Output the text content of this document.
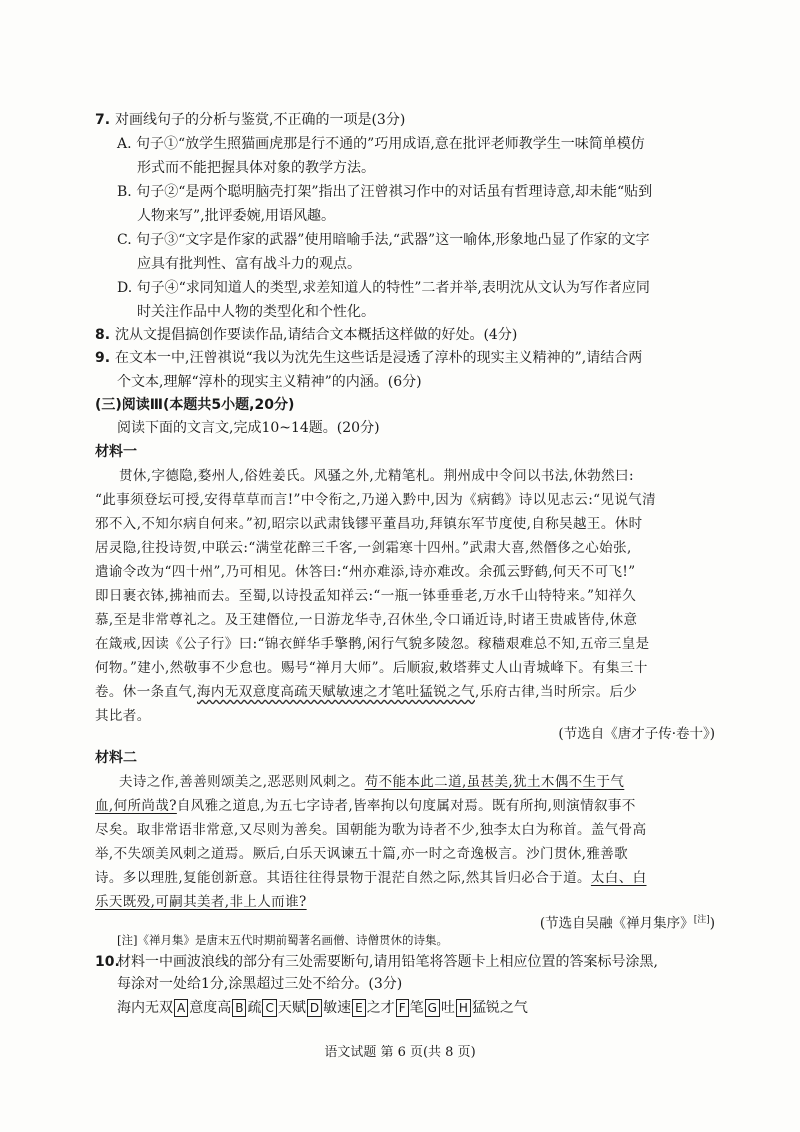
7. 对画线句子的分析与鉴赏,不正确的一项是(3分)
A. 句子①“放学生照猫画虎那是行不通的”巧用成语,意在批评老师教学生一味简单模仿
形式而不能把握具体对象的教学方法。
B. 句子②“是两个聪明脑壳打架”指出了汪曾祺习作中的对话虽有哲理诗意,却未能“贴到
人物来写”,批评委婉,用语风趣。
C. 句子③“文字是作家的武器”使用暗喻手法,“武器”这一喻体,形象地凸显了作家的文字
应具有批判性、富有战斗力的观点。
D. 句子④“求同知道人的类型,求差知道人的特性”二者并举,表明沈从文认为写作者应同
时关注作品中人物的类型化和个性化。
8. 沈从文提倡搞创作要读作品,请结合文本概括这样做的好处。(4分)
9. 在文本一中,汪曾祺说“我以为沈先生这些话是浸透了淳朴的现实主义精神的”,请结合两
个文本,理解“淳朴的现实主义精神”的内涵。(6分)
(三)阅读Ⅲ(本题共5小题,20分)
阅读下面的文言文,完成10~14题。(20分)
材料一
贯休,字德隐,婺州人,俗姓姜氏。风骚之外,尤精笔札。荆州成中令问以书法,休勃然曰:
“此事须登坛可授,安得草草而言!”中令衔之,乃递入黔中,因为《病鹤》诗以见志云:“见说气清
邪不入,不知尔病自何来。”初,昭宗以武肃钱镠平董昌功,拜镇东军节度使,自称吴越王。休时
居灵隐,往投诗贺,中联云:“满堂花醉三千客,一剑霜寒十四州。”武肃大喜,然僭侈之心始张,
遣谕令改为“四十州”,乃可相见。休答曰:“州亦难添,诗亦难改。余孤云野鹤,何天不可飞!”
即日裹衣钵,拂袖而去。至蜀,以诗投孟知祥云:“一瓶一钵垂垂老,万水千山特特来。”知祥久
慕,至是非常尊礼之。及王建僭位,一日游龙华寺,召休坐,令口诵近诗,时诸王贵戚皆侍,休意
在箴戒,因读《公子行》曰:“锦衣鲜华手擎鹘,闲行气貌多陵忽。稼穑艰难总不知,五帝三皇是
何物。”建小,然敬事不少怠也。赐号“禅月大师”。后顺寂,敕塔葬丈人山青城峰下。有集三十
卷。休一条直气,海内无双意度高疏天赋敏速之才笔吐猛锐之气,乐府古律,当时所宗。后少
其比者。
(节选自《唐才子传·卷十》)
材料二
夫诗之作,善善则颂美之,恶恶则风刺之。苟不能本此二道,虽甚美,犹土木偶不生于气
血,何所尚哉?自风雅之道息,为五七字诗者,皆率拘以句度属对焉。既有所拘,则演情叙事不
尽矣。取非常语非常意,又尽则为善矣。国朝能为歌为诗者不少,独李太白为称首。盖气骨高
举,不失颂美风刺之道焉。厥后,白乐天讽谏五十篇,亦一时之奇逸极言。沙门贯休,雅善歌
诗。多以理胜,复能创新意。其语往往得景物于混茫自然之际,然其旨归必合于道。太白、白
乐天既殁,可嗣其美者,非上人而谁?
(节选自吴融《禅月集序》[注])
[注]《禅月集》是唐末五代时期前蜀著名画僧、诗僧贯休的诗集。
10.材料一中画波浪线的部分有三处需要断句,请用铅笔将答题卡上相应位置的答案标号涂黑,
每涂对一处给1分,涂黑超过三处不给分。(3分)
海内无双 A 意度高 B 疏 C 天赋 D 敏速 E 之才 F 笔 G 吐 H 猛锐之气
语文试题 第 6 页(共 8 页)
